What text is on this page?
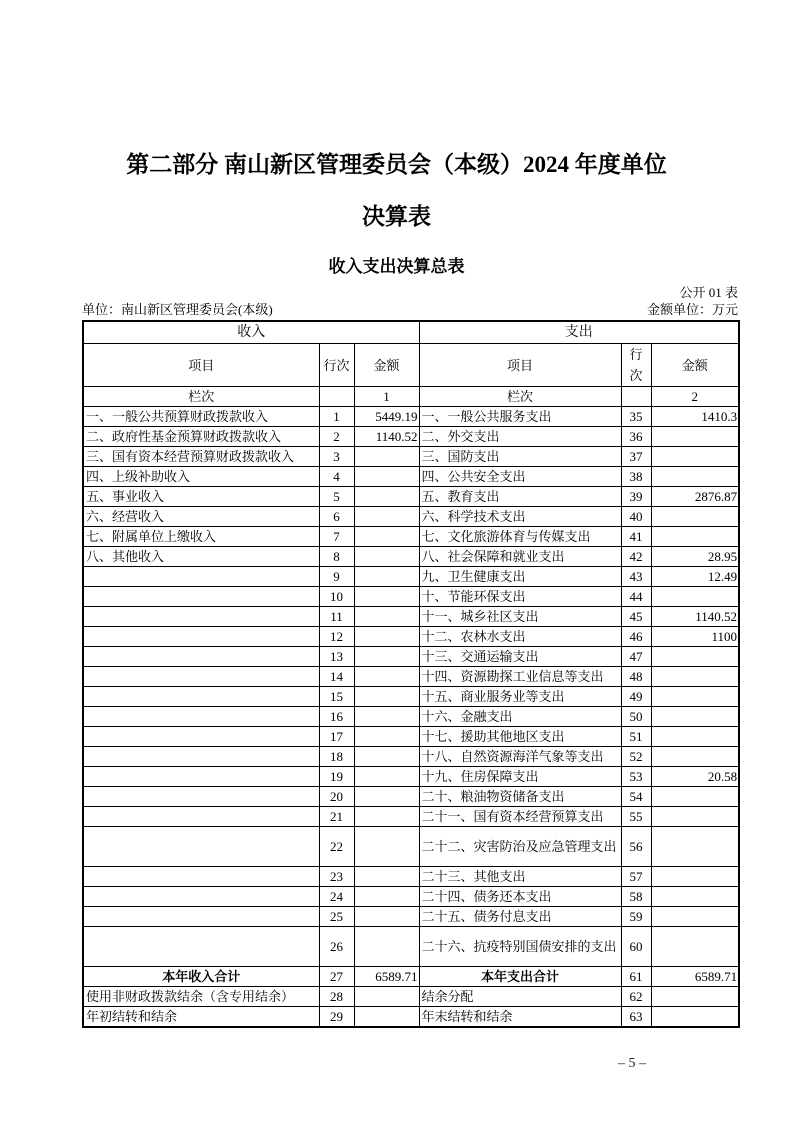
第二部分 南山新区管理委员会（本级）2024 年度单位
决算表
收入支出决算总表
公开 01 表
单位：南山新区管理委员会(本级)	金额单位：万元
收入			支出		
项目	行次	金额	项目	行次	金额
栏次		1	栏次		2
一、一般公共预算财政拨款收入	1	5449.19	一、一般公共服务支出	35	1410.3
二、政府性基金预算财政拨款收入	2	1140.52	二、外交支出	36	
三、国有资本经营预算财政拨款收入	3		三、国防支出	37	
四、上级补助收入	4		四、公共安全支出	38	
五、事业收入	5		五、教育支出	39	2876.87
六、经营收入	6		六、科学技术支出	40	
七、附属单位上缴收入	7		七、文化旅游体育与传媒支出	41	
八、其他收入	8		八、社会保障和就业支出	42	28.95
	9		九、卫生健康支出	43	12.49
	10		十、节能环保支出	44	
	11		十一、城乡社区支出	45	1140.52
	12		十二、农林水支出	46	1100
	13		十三、交通运输支出	47	
	14		十四、资源勘探工业信息等支出	48	
	15		十五、商业服务业等支出	49	
	16		十六、金融支出	50	
	17		十七、援助其他地区支出	51	
	18		十八、自然资源海洋气象等支出	52	
	19		十九、住房保障支出	53	20.58
	20		二十、粮油物资储备支出	54	
	21		二十一、国有资本经营预算支出	55	
	22		二十二、灾害防治及应急管理支出	56	
	23		二十三、其他支出	57	
	24		二十四、债务还本支出	58	
	25		二十五、债务付息支出	59	
	26		二十六、抗疫特别国债安排的支出	60	
本年收入合计	27	6589.71	本年支出合计	61	6589.71
使用非财政拨款结余（含专用结余）	28		结余分配	62	
年初结转和结余	29		年末结转和结余	63	
– 5 –
